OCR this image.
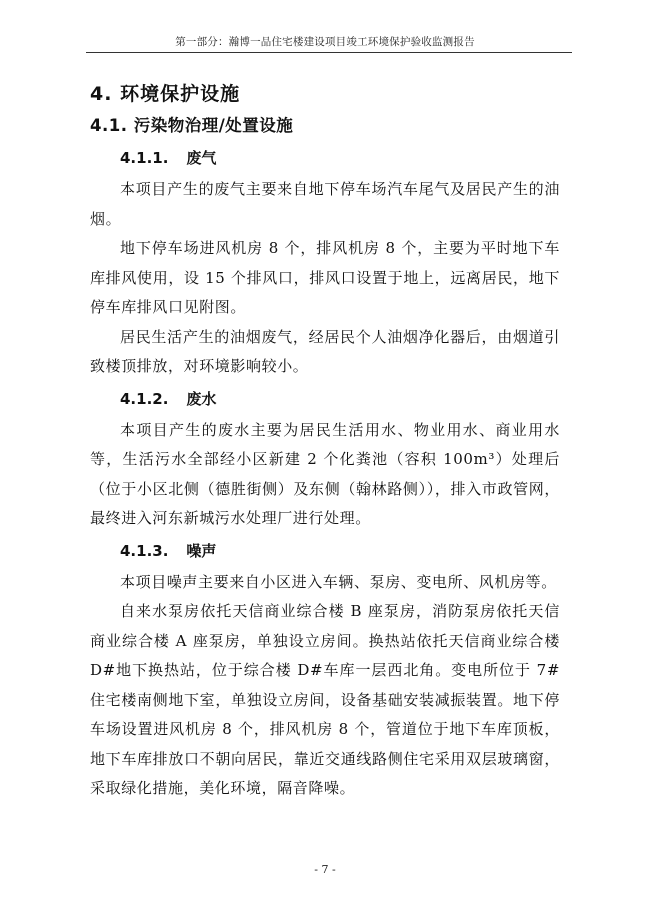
第一部分：瀚博一品住宅楼建设项目竣工环境保护验收监测报告
4. 环境保护设施
4.1. 污染物治理/处置设施
4.1.1. 废气

本项目产生的废气主要来自地下停车场汽车尾气及居民产生的油烟。

地下停车场进风机房 8 个，排风机房 8 个，主要为平时地下车库排风使用，设 15 个排风口，排风口设置于地上，远离居民，地下停车库排风口见附图。

居民生活产生的油烟废气，经居民个人油烟净化器后，由烟道引致楼顶排放，对环境影响较小。

4.1.2. 废水

本项目产生的废水主要为居民生活用水、物业用水、商业用水等，生活污水全部经小区新建 2 个化粪池（容积 100m³）处理后（位于小区北侧（德胜街侧）及东侧（翰林路侧）），排入市政管网，最终进入河东新城污水处理厂进行处理。

4.1.3. 噪声

本项目噪声主要来自小区进入车辆、泵房、变电所、风机房等。

自来水泵房依托天信商业综合楼 B 座泵房，消防泵房依托天信商业综合楼 A 座泵房，单独设立房间。换热站依托天信商业综合楼 D#地下换热站，位于综合楼 D#车库一层西北角。变电所位于 7#住宅楼南侧地下室，单独设立房间，设备基础安装减振装置。地下停车场设置进风机房 8 个，排风机房 8 个，管道位于地下车库顶板，地下车库排放口不朝向居民，靠近交通线路侧住宅采用双层玻璃窗，采取绿化措施，美化环境，隔音降噪。

- 7 -
